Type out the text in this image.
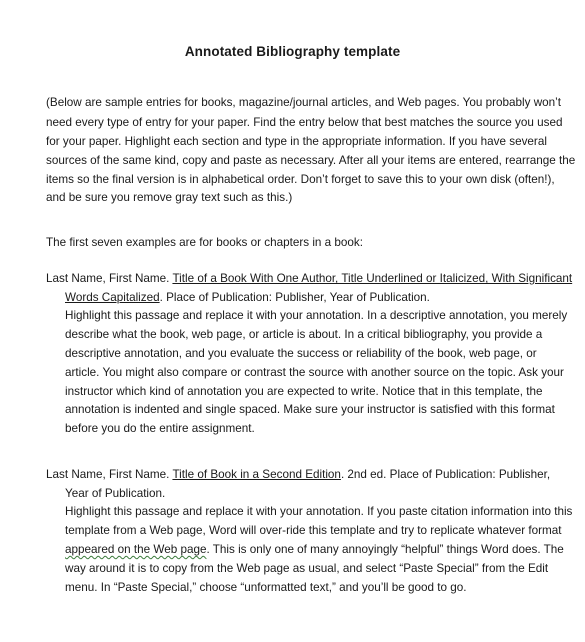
Annotated Bibliography template
(Below are sample entries for books, magazine/journal articles, and Web pages. You probably won’t
need every type of entry for your paper. Find the entry below that best matches the source you used
for your paper. Highlight each section and type in the appropriate information. If you have several
sources of the same kind, copy and paste as necessary. After all your items are entered, rearrange the
items so the final version is in alphabetical order. Don’t forget to save this to your own disk (often!),
and be sure you remove gray text such as this.)
The first seven examples are for books or chapters in a book:
Last Name, First Name. Title of a Book With One Author, Title Underlined or Italicized, With Significant
Words Capitalized. Place of Publication: Publisher, Year of Publication.
Highlight this passage and replace it with your annotation. In a descriptive annotation, you merely
describe what the book, web page, or article is about. In a critical bibliography, you provide a
descriptive annotation, and you evaluate the success or reliability of the book, web page, or
article. You might also compare or contrast the source with another source on the topic. Ask your
instructor which kind of annotation you are expected to write. Notice that in this template, the
annotation is indented and single spaced. Make sure your instructor is satisfied with this format
before you do the entire assignment.
Last Name, First Name. Title of Book in a Second Edition. 2nd ed. Place of Publication: Publisher,
Year of Publication.
Highlight this passage and replace it with your annotation. If you paste citation information into this
template from a Web page, Word will over-ride this template and try to replicate whatever format
appeared on the Web page. This is only one of many annoyingly “helpful” things Word does. The
way around it is to copy from the Web page as usual, and select “Paste Special” from the Edit
menu. In “Paste Special,” choose “unformatted text,” and you’ll be good to go.
